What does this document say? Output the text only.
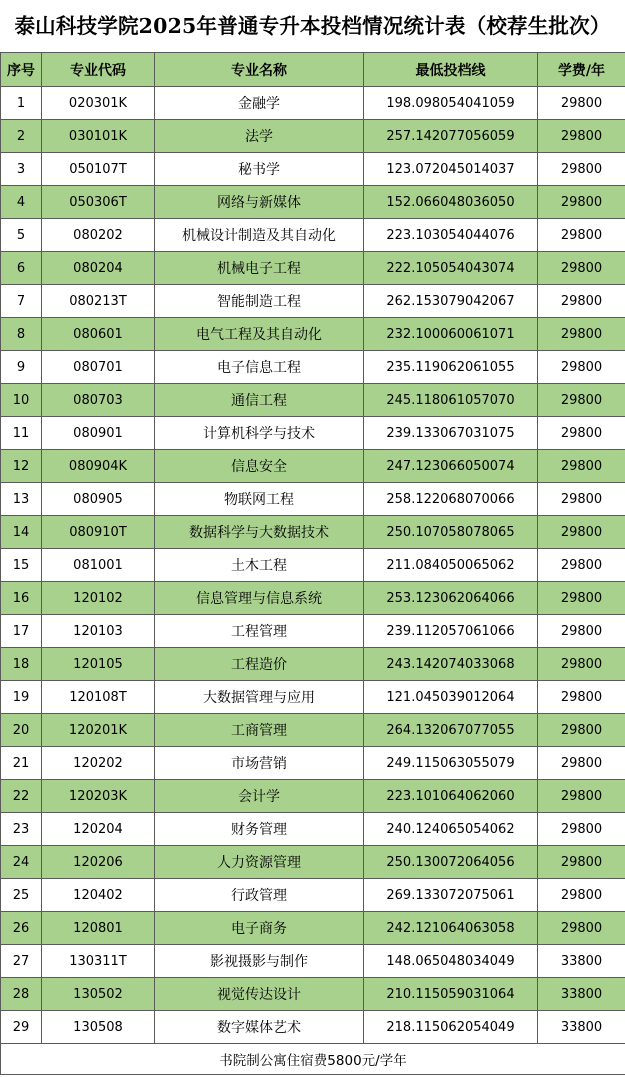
泰山科技学院2025年普通专升本投档情况统计表（校荐生批次）
序号	专业代码	专业名称	最低投档线	学费/年
1	020301K	金融学	198.098054041059	29800
2	030101K	法学	257.142077056059	29800
3	050107T	秘书学	123.072045014037	29800
4	050306T	网络与新媒体	152.066048036050	29800
5	080202	机械设计制造及其自动化	223.103054044076	29800
6	080204	机械电子工程	222.105054043074	29800
7	080213T	智能制造工程	262.153079042067	29800
8	080601	电气工程及其自动化	232.100060061071	29800
9	080701	电子信息工程	235.119062061055	29800
10	080703	通信工程	245.118061057070	29800
11	080901	计算机科学与技术	239.133067031075	29800
12	080904K	信息安全	247.123066050074	29800
13	080905	物联网工程	258.122068070066	29800
14	080910T	数据科学与大数据技术	250.107058078065	29800
15	081001	土木工程	211.084050065062	29800
16	120102	信息管理与信息系统	253.123062064066	29800
17	120103	工程管理	239.112057061066	29800
18	120105	工程造价	243.142074033068	29800
19	120108T	大数据管理与应用	121.045039012064	29800
20	120201K	工商管理	264.132067077055	29800
21	120202	市场营销	249.115063055079	29800
22	120203K	会计学	223.101064062060	29800
23	120204	财务管理	240.124065054062	29800
24	120206	人力资源管理	250.130072064056	29800
25	120402	行政管理	269.133072075061	29800
26	120801	电子商务	242.121064063058	29800
27	130311T	影视摄影与制作	148.065048034049	33800
28	130502	视觉传达设计	210.115059031064	33800
29	130508	数字媒体艺术	218.115062054049	33800
书院制公寓住宿费5800元/学年				
